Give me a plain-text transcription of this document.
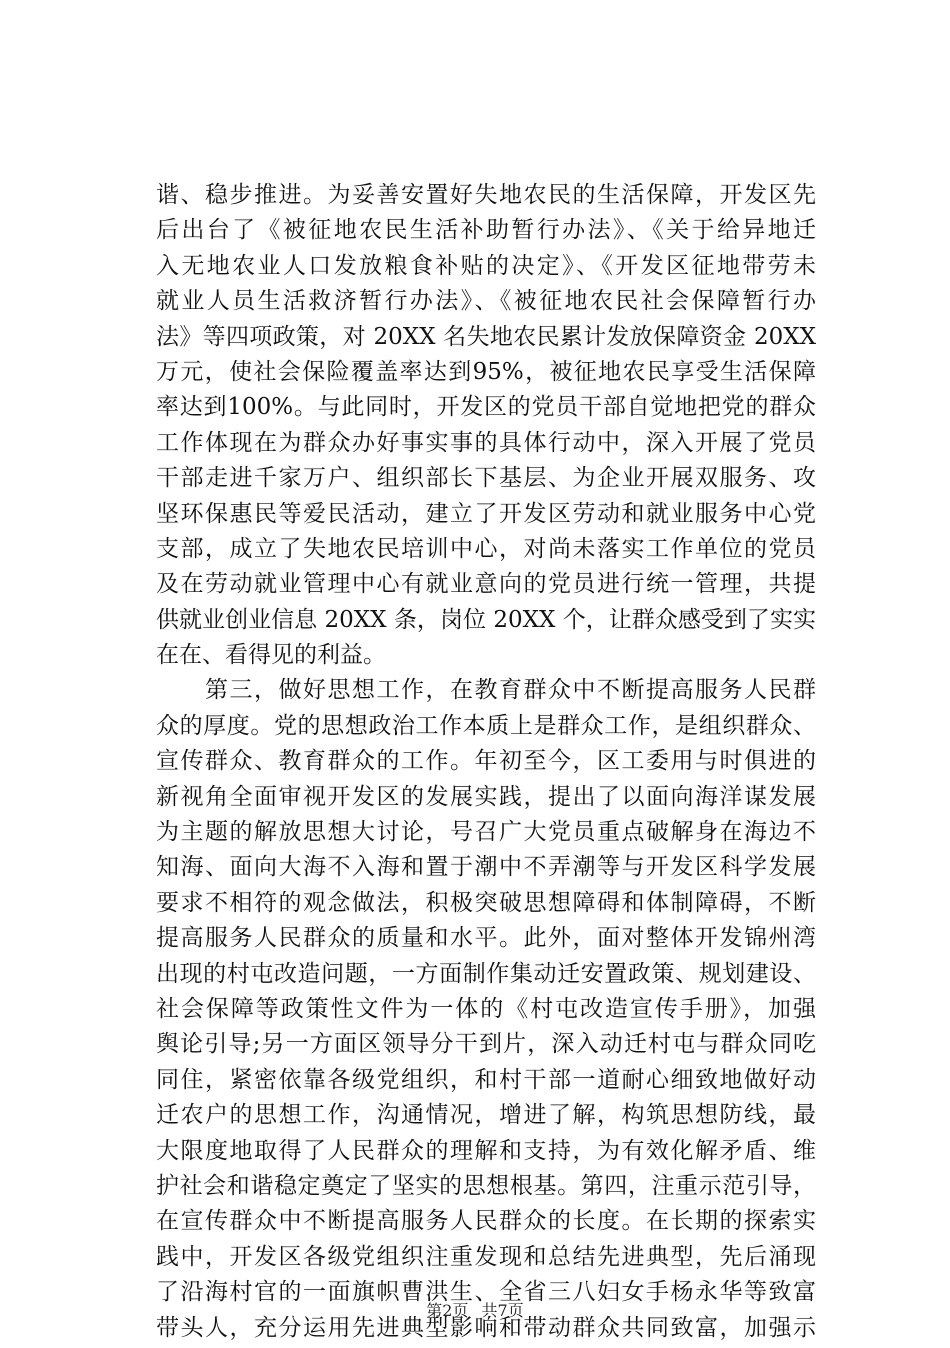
谐、稳步推进。为妥善安置好失地农民的生活保障，开发区先
后出台了《被征地农民生活补助暂行办法》、《关于给异地迁
入无地农业人口发放粮食补贴的决定》、《开发区征地带劳未
就业人员生活救济暂行办法》、《被征地农民社会保障暂行办
法》等四项政策，对 20XX 名失地农民累计发放保障资金 20XX
万元，使社会保险覆盖率达到95%，被征地农民享受生活保障
率达到100%。与此同时，开发区的党员干部自觉地把党的群众
工作体现在为群众办好事实事的具体行动中，深入开展了党员
干部走进千家万户、组织部长下基层、为企业开展双服务、攻
坚环保惠民等爱民活动，建立了开发区劳动和就业服务中心党
支部，成立了失地农民培训中心，对尚未落实工作单位的党员
及在劳动就业管理中心有就业意向的党员进行统一管理，共提
供就业创业信息 20XX 条，岗位 20XX 个，让群众感受到了实实
在在、看得见的利益。
　　第三，做好思想工作，在教育群众中不断提高服务人民群
众的厚度。党的思想政治工作本质上是群众工作，是组织群众、
宣传群众、教育群众的工作。年初至今，区工委用与时俱进的
新视角全面审视开发区的发展实践，提出了以面向海洋谋发展
为主题的解放思想大讨论，号召广大党员重点破解身在海边不
知海、面向大海不入海和置于潮中不弄潮等与开发区科学发展
要求不相符的观念做法，积极突破思想障碍和体制障碍，不断
提高服务人民群众的质量和水平。此外，面对整体开发锦州湾
出现的村屯改造问题，一方面制作集动迁安置政策、规划建设、
社会保障等政策性文件为一体的《村屯改造宣传手册》，加强
舆论引导;另一方面区领导分干到片，深入动迁村屯与群众同吃
同住，紧密依靠各级党组织，和村干部一道耐心细致地做好动
迁农户的思想工作，沟通情况，增进了解，构筑思想防线，最
大限度地取得了人民群众的理解和支持，为有效化解矛盾、维
护社会和谐稳定奠定了坚实的思想根基。第四，注重示范引导，
在宣传群众中不断提高服务人民群众的长度。在长期的探索实
践中，开发区各级党组织注重发现和总结先进典型，先后涌现
了沿海村官的一面旗帜曹洪生、全省三八妇女手杨永华等致富
带头人，充分运用先进典型影响和带动群众共同致富，加强示
第2页 共7页
